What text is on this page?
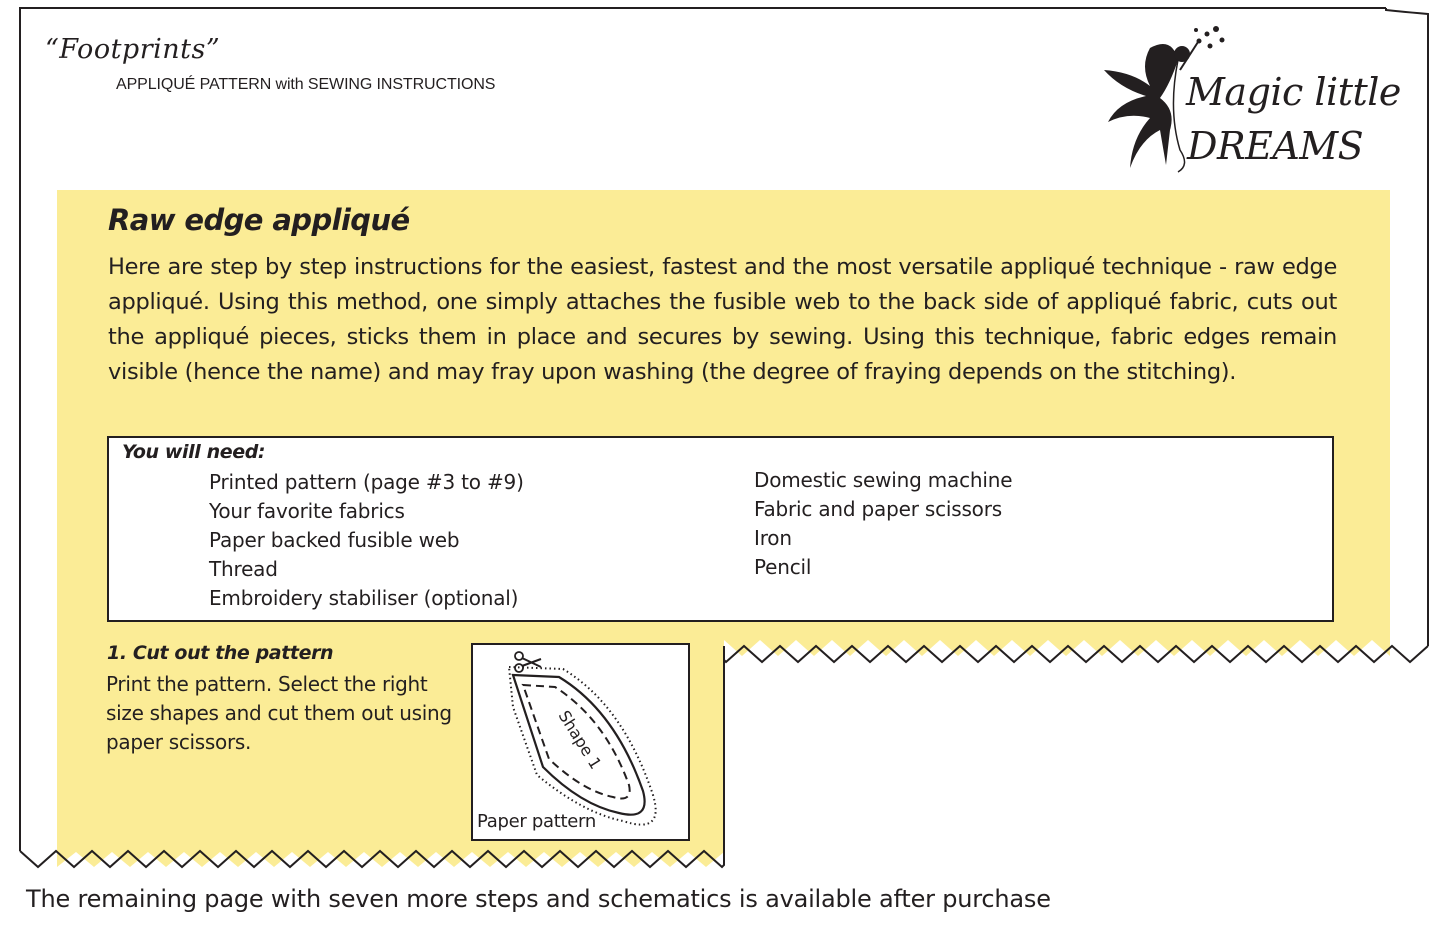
“Footprints”
APPLIQUÉ PATTERN with SEWING INSTRUCTIONS	Magic little
DREAMS
Raw edge appliqué
Here are step by step instructions for the easiest, fastest and the most versatile appliqué technique - raw edge appliqué. Using this method, one simply attaches the fusible web to the back side of appliqué fabric, cuts out the appliqué pieces, sticks them in place and secures by sewing. Using this technique, fabric edges remain visible (hence the name) and may fray upon washing (the degree of fraying depends on the stitching).
You will need:
Printed pattern (page #3 to #9)
Your favorite fabrics
Paper backed fusible web
Thread
Embroidery stabiliser (optional)
Domestic sewing machine
Fabric and paper scissors
Iron
Pencil
1. Cut out the pattern
Print the pattern. Select the right size shapes and cut them out using paper scissors.	Shape 1
Paper pattern
The remaining page with seven more steps and schematics is available after purchase
